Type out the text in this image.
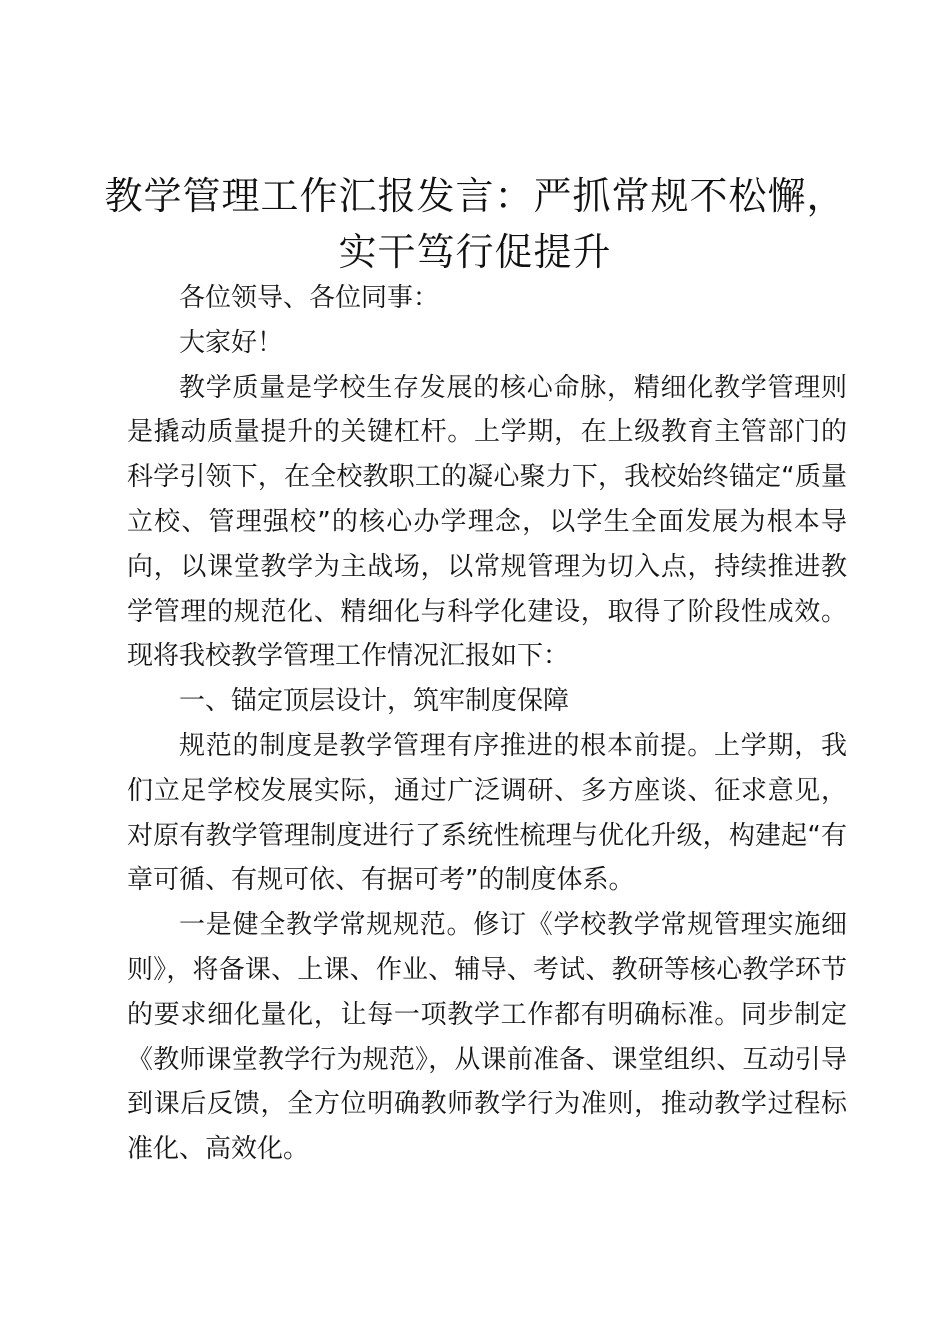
教学管理工作汇报发言：严抓常规不松懈，实干笃行促提升

各位领导、各位同事：

大家好！

教学质量是学校生存发展的核心命脉，精细化教学管理则是撬动质量提升的关键杠杆。上学期，在上级教育主管部门的科学引领下，在全校教职工的凝心聚力下，我校始终锚定“质量立校、管理强校”的核心办学理念，以学生全面发展为根本导向，以课堂教学为主战场，以常规管理为切入点，持续推进教学管理的规范化、精细化与科学化建设，取得了阶段性成效。现将我校教学管理工作情况汇报如下：

一、锚定顶层设计，筑牢制度保障

规范的制度是教学管理有序推进的根本前提。上学期，我们立足学校发展实际，通过广泛调研、多方座谈、征求意见，对原有教学管理制度进行了系统性梳理与优化升级，构建起“有章可循、有规可依、有据可考”的制度体系。

一是健全教学常规规范。修订《学校教学常规管理实施细则》，将备课、上课、作业、辅导、考试、教研等核心教学环节的要求细化量化，让每一项教学工作都有明确标准。同步制定《教师课堂教学行为规范》，从课前准备、课堂组织、互动引导到课后反馈，全方位明确教师教学行为准则，推动教学过程标准化、高效化。
